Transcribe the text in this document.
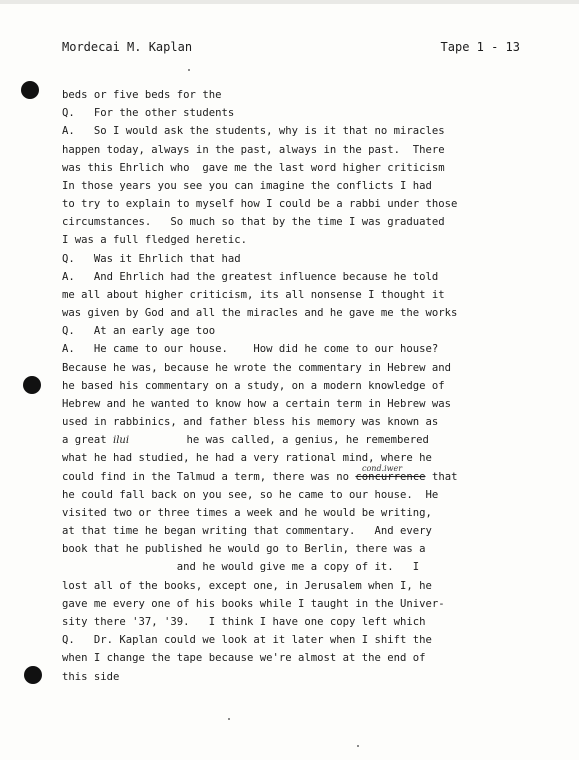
Mordecai M. Kaplan	Tape 1 - 13
beds or five beds for the
Q.   For the other students
A.   So I would ask the students, why is it that no miracles
happen today, always in the past, always in the past.  There
was this Ehrlich who  gave me the last word higher criticism
In those years you see you can imagine the conflicts I had
to try to explain to myself how I could be a rabbi under those
circumstances.   So much so that by the time I was graduated
I was a full fledged heretic.
Q.   Was it Ehrlich that had
A.   And Ehrlich had the greatest influence because he told
me all about higher criticism, its all nonsense I thought it
was given by God and all the miracles and he gave me the works
Q.   At an early age too
A.   He came to our house.    How did he come to our house?
Because he was, because he wrote the commentary in Hebrew and
he based his commentary on a study, on a modern knowledge of
Hebrew and he wanted to know how a certain term in Hebrew was
used in rabbinics, and father bless his memory was known as
a great ilui         he was called, a genius, he remembered
what he had studied, he had a very rational mind, where he
could find in the Talmud a term, there was no concurrence that
cond.iwer
he could fall back on you see, so he came to our house.  He
visited two or three times a week and he would be writing,
at that time he began writing that commentary.   And every
book that he published he would go to Berlin, there was a
and he would give me a copy of it.   I
lost all of the books, except one, in Jerusalem when I, he
gave me every one of his books while I taught in the Univer-
sity there '37, '39.   I think I have one copy left which
Q.   Dr. Kaplan could we look at it later when I shift the
when I change the tape because we're almost at the end of
this side
